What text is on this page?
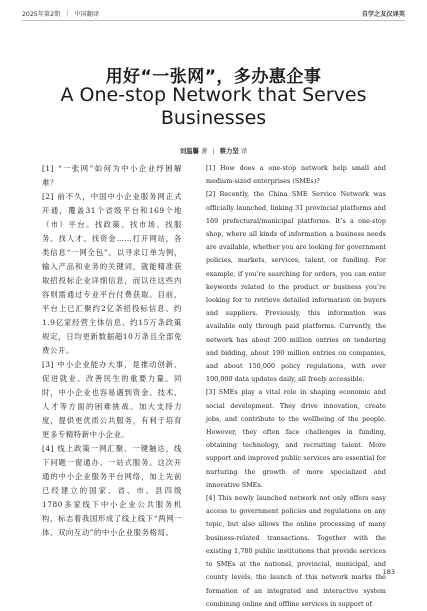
2025年第2期 | 中国翻译	自学之友汉译英
用好“一张网”，多办惠企事
A One-stop Network that Serves Businesses
刘温馨 著 | 蔡力坚 译

[1] “一张网”如何为中小企业纾困解难？

[2] 前不久，中国中小企业服务网正式开通，覆盖31个省级平台和169个地（市）平台。找政策、找市场、找服务、找人才、找资金……打开网站，各类信息“一网全包”。以寻求订单为例，输入产品和业务的关键词，就能精准获取招投标企业详细信息，而以往这些内容则需通过专业平台付费获取。目前，平台上已汇聚约2亿条招投标信息、约1.9亿家经营主体信息、约15万条政策规定，日均更新数据超10万条且全部免费公开。

[3] 中小企业能办大事，是推动创新、促进就业、改善民生的重要力量。同时，中小企业也容易遇到资金、技术、人才等方面的困难挑战。加大支持力度，提供更优质公共服务，有利于培育更多专精特新中小企业。

[4] 线上政策一网汇聚、一键触达，线下问题一窗通办、一站式服务。这次开通的中小企业服务平台网络，加上先前已经建立的国家、省、市、县四级1780多家线下中小企业公共服务机构，标志着我国形成了线上线下“两网一体、双向互动”的中小企业服务格局。

[1] How does a one-stop network help small and medium-sized enterprises (SMEs)?

[2] Recently, the China SME Service Network was officially launched, linking 31 provincial platforms and 169 prefectural/municipal platforms. It’s a one-stop shop, where all kinds of information a business needs are available, whether you are looking for government policies, markets, services, talent, or funding. For example, if you’re searching for orders, you can enter keywords related to the product or business you’re looking for to retrieve detailed information on buyers and suppliers. Previously, this information was available only through paid platforms. Currently, the network has about 200 million entries on tendering and bidding, about 190 million entries on companies, and about 150,000 policy regulations, with over 100,000 data updates daily, all freely accessible.

[3] SMEs play a vital role in shaping economic and social development. They drive innovation, create jobs, and contribute to the wellbeing of the people. However, they often face challenges in funding, obtaining technology, and recruiting talent. More support and improved public services are essential for nurturing the growth of more specialized and innovative SMEs.

[4] This newly launched network not only offers easy access to government policies and regulations on any topic, but also allows the online processing of many business-related transactions. Together with the existing 1,780 public institutions that provide services to SMEs at the national, provincial, municipal, and county levels, the launch of this network marks the formation of an integrated and interactive system combining online and offline services in support of

183
